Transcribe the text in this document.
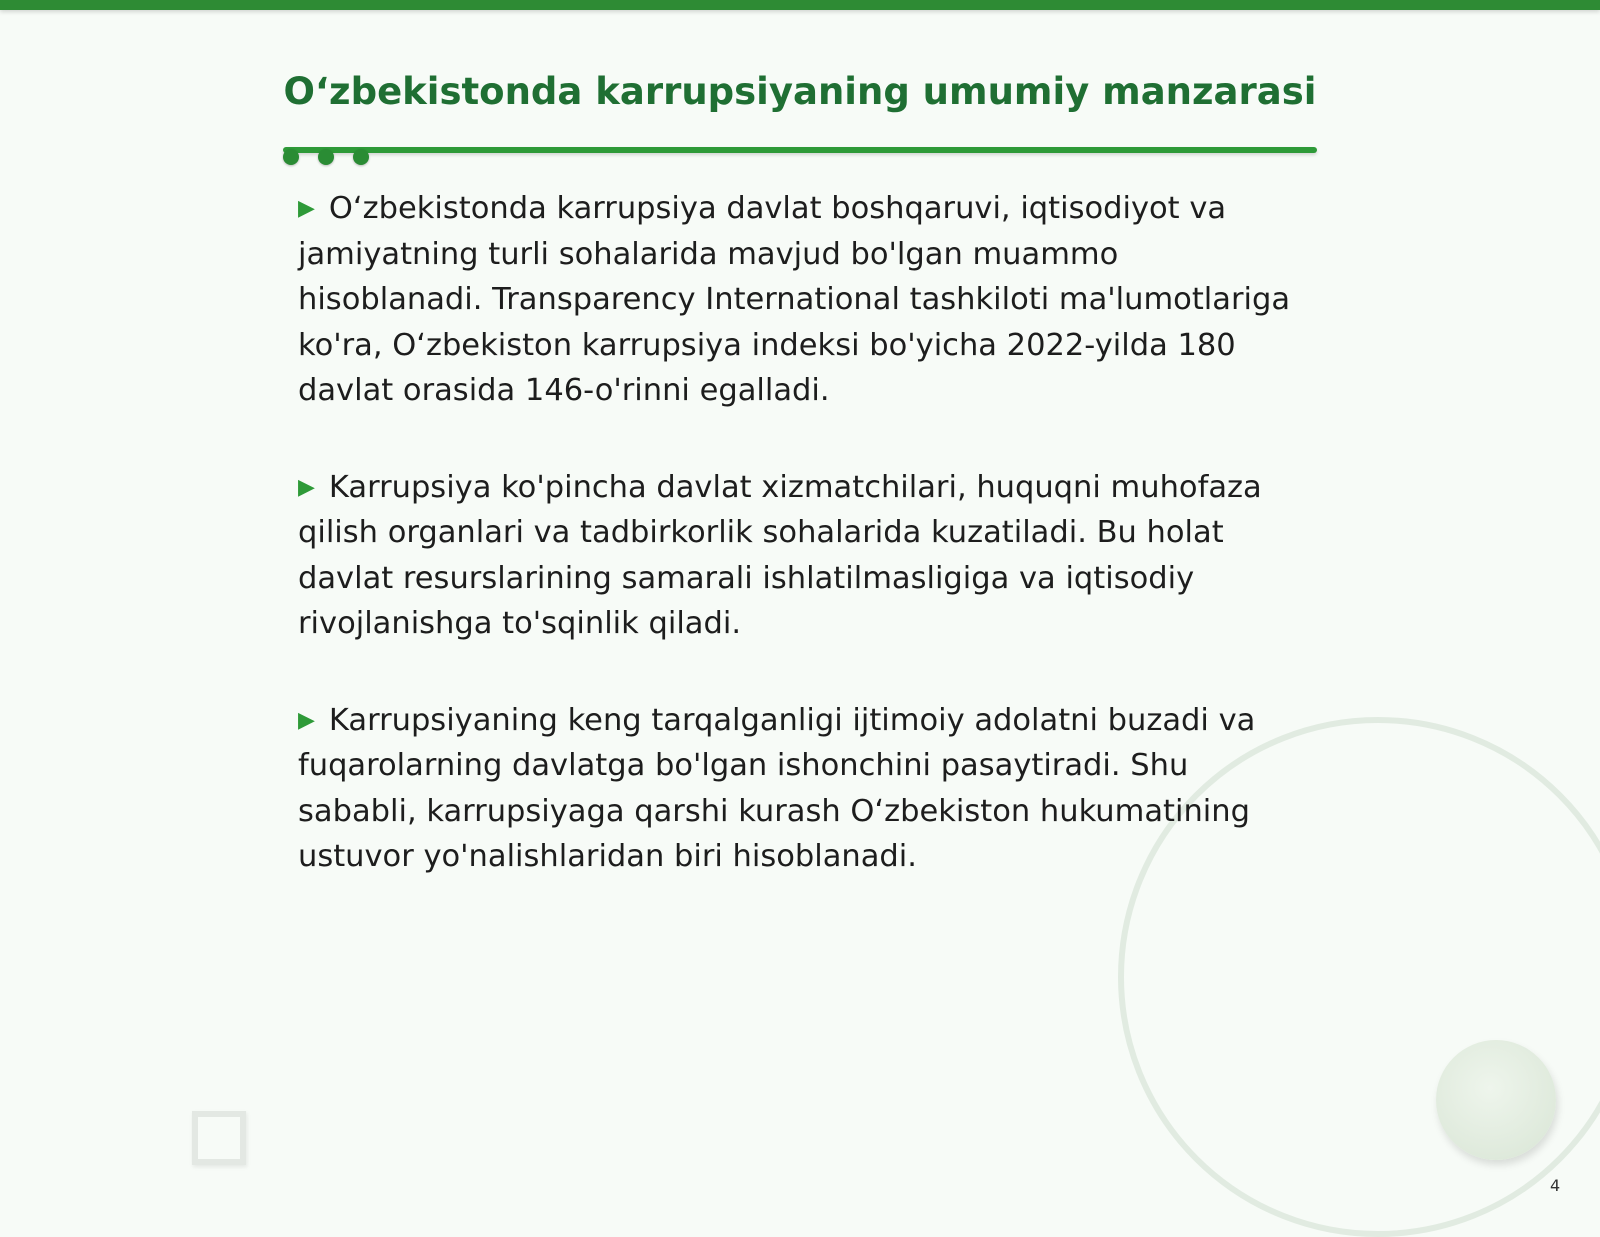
O‘zbekistonda karrupsiyaning umumiy manzarasi

▶ O‘zbekistonda karrupsiya davlat boshqaruvi, iqtisodiyot va jamiyatning turli sohalarida mavjud bo'lgan muammo hisoblanadi. Transparency International tashkiloti ma'lumotlariga ko'ra, O‘zbekiston karrupsiya indeksi bo'yicha 2022-yilda 180 davlat orasida 146-o'rinni egalladi.

▶ Karrupsiya ko'pincha davlat xizmatchilari, huquqni muhofaza qilish organlari va tadbirkorlik sohalarida kuzatiladi. Bu holat davlat resurslarining samarali ishlatilmasligiga va iqtisodiy rivojlanishga to'sqinlik qiladi.

▶ Karrupsiyaning keng tarqalganligi ijtimoiy adolatni buzadi va fuqarolarning davlatga bo'lgan ishonchini pasaytiradi. Shu sababli, karrupsiyaga qarshi kurash O‘zbekiston hukumatining ustuvor yo'nalishlaridan biri hisoblanadi.

4
